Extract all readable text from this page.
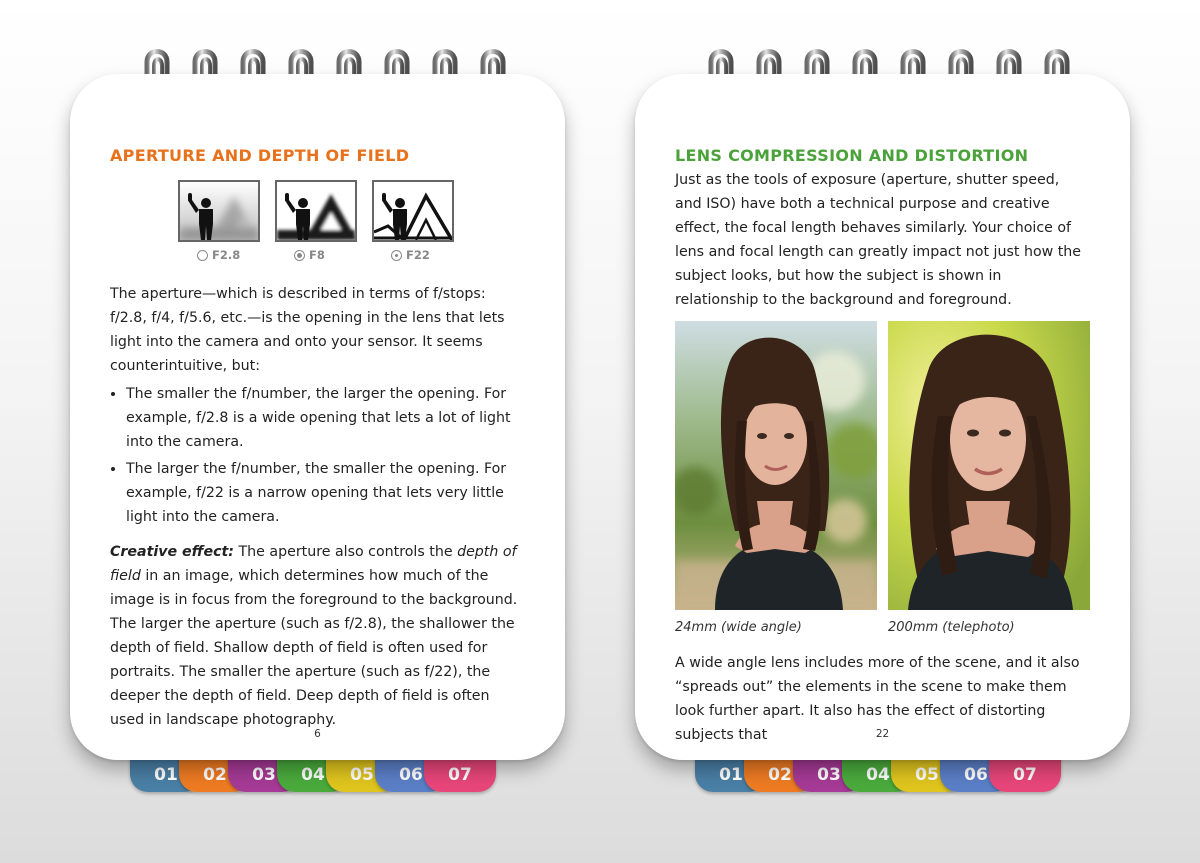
01	02	03	04	05	06	07	01	02	03	04	05	06	07
APERTURE AND DEPTH OF FIELD
F2.8	F8	F22

The aperture—which is described in terms of f/stops: f/2.8, f/4, f/5.6, etc.—is the opening in the lens that lets light into the camera and onto your sensor. It seems counterintuitive, but:

• The smaller the f/number, the larger the opening. For example, f/2.8 is a wide opening that lets a lot of light into the camera.
• The larger the f/number, the smaller the opening. For example, f/22 is a narrow opening that lets very little light into the camera.

Creative effect: The aperture also controls the depth of field in an image, which determines how much of the image is in focus from the foreground to the background. The larger the aperture (such as f/2.8), the shallower the depth of field. Shallow depth of field is often used for portraits. The smaller the aperture (such as f/22), the deeper the depth of field. Deep depth of field is often used in landscape photography.

6
LENS COMPRESSION AND DISTORTION

Just as the tools of exposure (aperture, shutter speed, and ISO) have both a technical purpose and creative effect, the focal length behaves similarly. Your choice of lens and focal length can greatly impact not just how the subject looks, but how the subject is shown in relationship to the background and foreground.

24mm (wide angle)	200mm (telephoto)

A wide angle lens includes more of the scene, and it also “spreads out” the elements in the scene to make them look further apart. It also has the effect of distorting subjects that	22
